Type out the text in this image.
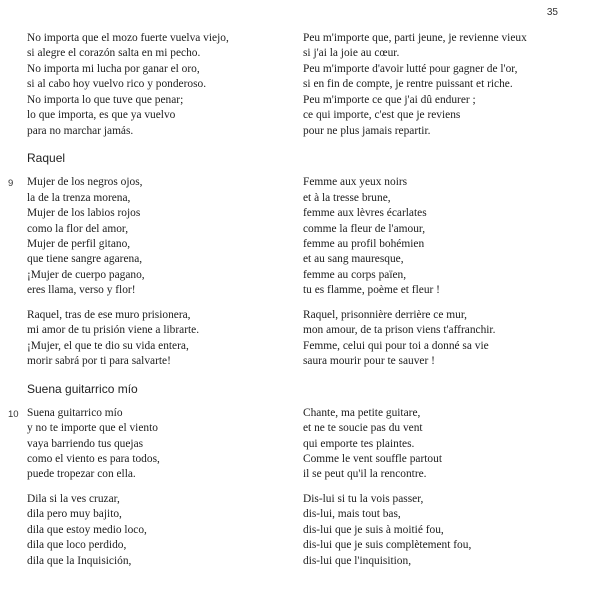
35
No importa que el mozo fuerte vuelva viejo,
si alegre el corazón salta en mi pecho.
No importa mi lucha por ganar el oro,
si al cabo hoy vuelvo rico y ponderoso.
No importa lo que tuve que penar;
lo que importa, es que ya vuelvo
para no marchar jamás.
Raquel
Mujer de los negros ojos,
la de la trenza morena,
Mujer de los labios rojos
como la flor del amor,
Mujer de perfil gitano,
que tiene sangre agarena,
¡Mujer de cuerpo pagano,
eres llama, verso y flor!
Raquel, tras de ese muro prisionera,
mi amor de tu prisión viene a librarte.
¡Mujer, el que te dio su vida entera,
morir sabrá por ti para salvarte!
Suena guitarrico mío
Suena guitarrico mío
y no te importe que el viento
vaya barriendo tus quejas
como el viento es para todos,
puede tropezar con ella.
Dila si la ves cruzar,
dila pero muy bajito,
dila que estoy medio loco,
dila que loco perdido,
dila que la Inquisición,
Peu m'importe que, parti jeune, je revienne vieux
si j'ai la joie au cœur.
Peu m'importe d'avoir lutté pour gagner de l'or,
si en fin de compte, je rentre puissant et riche.
Peu m'importe ce que j'ai dû endurer ;
ce qui importe, c'est que je reviens
pour ne plus jamais repartir.
Femme aux yeux noirs
et à la tresse brune,
femme aux lèvres écarlates
comme la fleur de l'amour,
femme au profil bohémien
et au sang mauresque,
femme au corps païen,
tu es flamme, poème et fleur !
Raquel, prisonnière derrière ce mur,
mon amour, de ta prison viens t'affranchir.
Femme, celui qui pour toi a donné sa vie
saura mourir pour te sauver !
Chante, ma petite guitare,
et ne te soucie pas du vent
qui emporte tes plaintes.
Comme le vent souffle partout
il se peut qu'il la rencontre.
Dis-lui si tu la vois passer,
dis-lui, mais tout bas,
dis-lui que je suis à moitié fou,
dis-lui que je suis complètement fou,
dis-lui que l'inquisition,
9
10
